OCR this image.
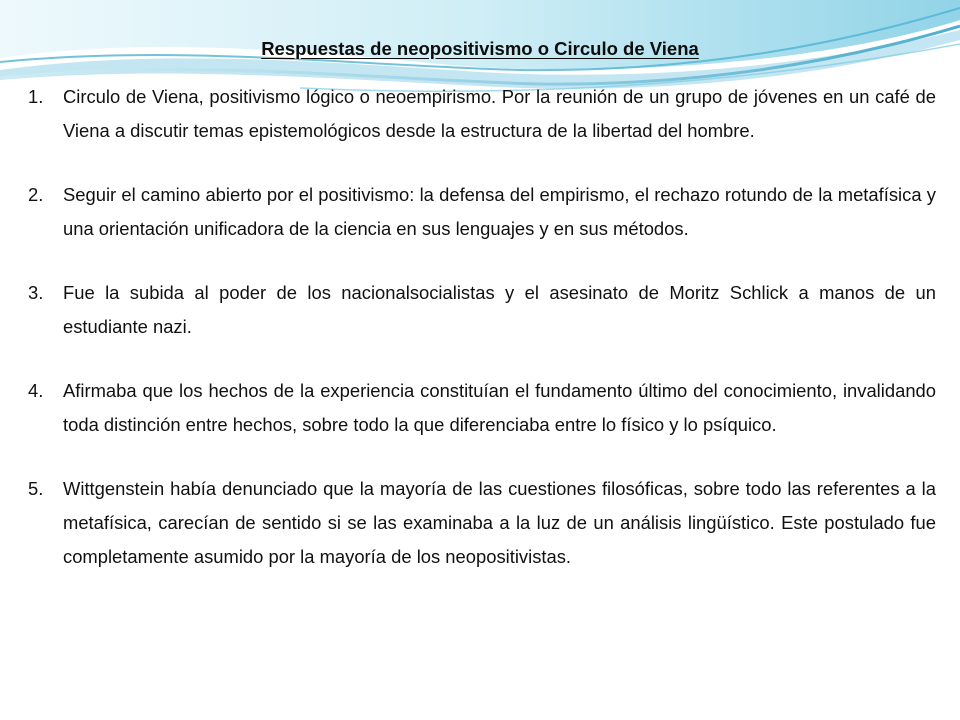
Respuestas de neopositivismo o Circulo de Viena
1.	Circulo de Viena, positivismo lógico o neoempirismo. Por la reunión de un grupo de jóvenes en un café de Viena a discutir temas epistemológicos desde la estructura de la libertad del hombre.
2.	Seguir el camino abierto por el positivismo: la defensa del empirismo, el rechazo rotundo de la metafísica y una orientación unificadora de la ciencia en sus lenguajes y en sus métodos.
3.	Fue la subida al poder de los nacionalsocialistas y el asesinato de Moritz Schlick a manos de un estudiante nazi.
4.	Afirmaba que los hechos de la experiencia constituían el fundamento último del conocimiento, invalidando toda distinción entre hechos, sobre todo la que diferenciaba entre lo físico y lo psíquico.
5.	Wittgenstein había denunciado que la mayoría de las cuestiones filosóficas, sobre todo las referentes a la metafísica, carecían de sentido si se las examinaba a la luz de un análisis lingüístico. Este postulado fue completamente asumido por la mayoría de los neopositivistas.
